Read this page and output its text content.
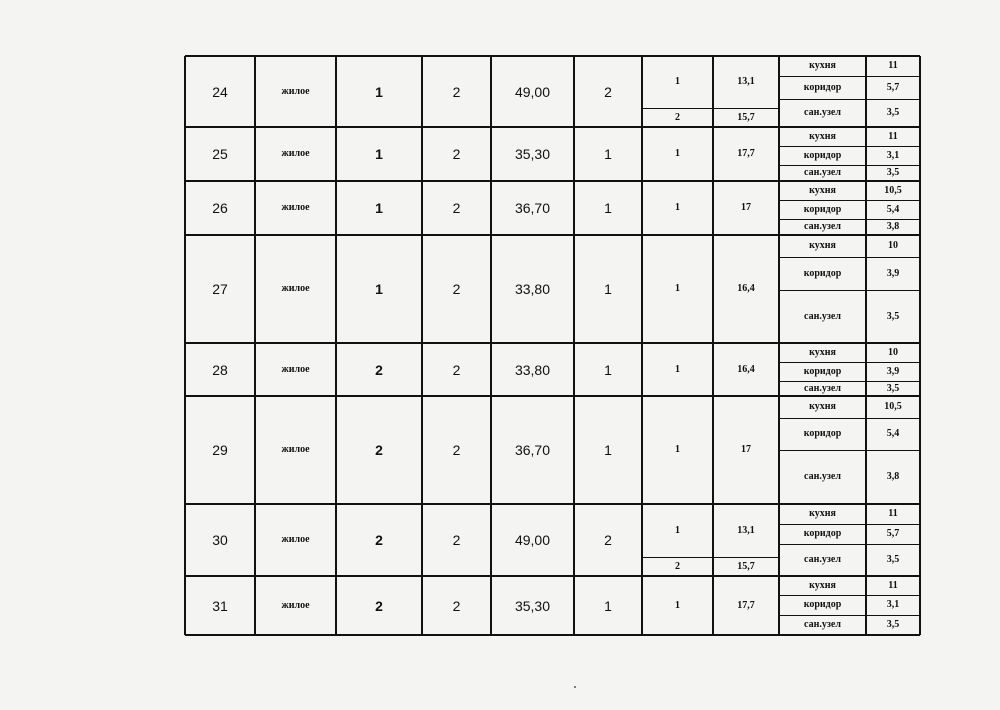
24	жилое	1	2	49,00	2
1	13,1
2	15,7
кухня	11
коридор	5,7
сан.узел	3,5
25	жилое	1	2	35,30	1	1	17,7
кухня	11
коридор	3,1
сан.узел	3,5
26	жилое	1	2	36,70	1	1	17
кухня	10,5
коридор	5,4
сан.узел	3,8
27	жилое	1	2	33,80	1	1	16,4
кухня	10
коридор	3,9
сан.узел	3,5
28	жилое	2	2	33,80	1	1	16,4
кухня	10
коридор	3,9
сан.узел	3,5
29	жилое	2	2	36,70	1	1	17
кухня	10,5
коридор	5,4
сан.узел	3,8
30	жилое	2	2	49,00	2
1	13,1
2	15,7
кухня	11
коридор	5,7
сан.узел	3,5
31	жилое	2	2	35,30	1	1	17,7
кухня	11
коридор	3,1
сан.узел	3,5
